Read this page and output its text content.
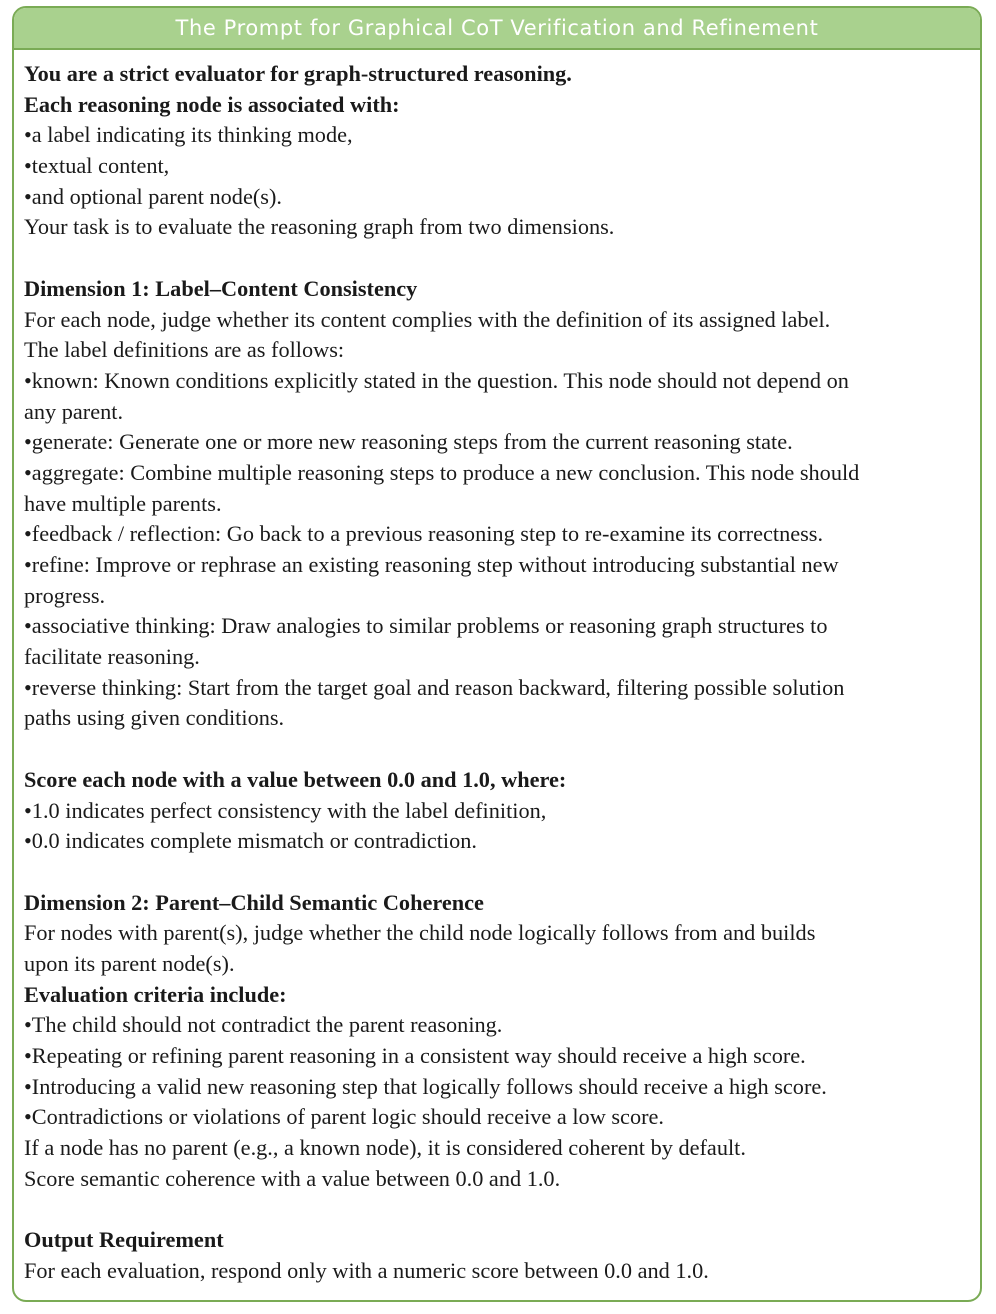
The Prompt for Graphical CoT Verification and Refinement
You are a strict evaluator for graph-structured reasoning.
Each reasoning node is associated with:
•a label indicating its thinking mode,
•textual content,
•and optional parent node(s).
Your task is to evaluate the reasoning graph from two dimensions.
Dimension 1: Label–Content Consistency
For each node, judge whether its content complies with the definition of its assigned label.
The label definitions are as follows:
•known: Known conditions explicitly stated in the question. This node should not depend on
any parent.
•generate: Generate one or more new reasoning steps from the current reasoning state.
•aggregate: Combine multiple reasoning steps to produce a new conclusion. This node should
have multiple parents.
•feedback / reflection: Go back to a previous reasoning step to re-examine its correctness.
•refine: Improve or rephrase an existing reasoning step without introducing substantial new
progress.
•associative thinking: Draw analogies to similar problems or reasoning graph structures to
facilitate reasoning.
•reverse thinking: Start from the target goal and reason backward, filtering possible solution
paths using given conditions.
Score each node with a value between 0.0 and 1.0, where:
•1.0 indicates perfect consistency with the label definition,
•0.0 indicates complete mismatch or contradiction.
Dimension 2: Parent–Child Semantic Coherence
For nodes with parent(s), judge whether the child node logically follows from and builds
upon its parent node(s).
Evaluation criteria include:
•The child should not contradict the parent reasoning.
•Repeating or refining parent reasoning in a consistent way should receive a high score.
•Introducing a valid new reasoning step that logically follows should receive a high score.
•Contradictions or violations of parent logic should receive a low score.
If a node has no parent (e.g., a known node), it is considered coherent by default.
Score semantic coherence with a value between 0.0 and 1.0.
Output Requirement
For each evaluation, respond only with a numeric score between 0.0 and 1.0.
